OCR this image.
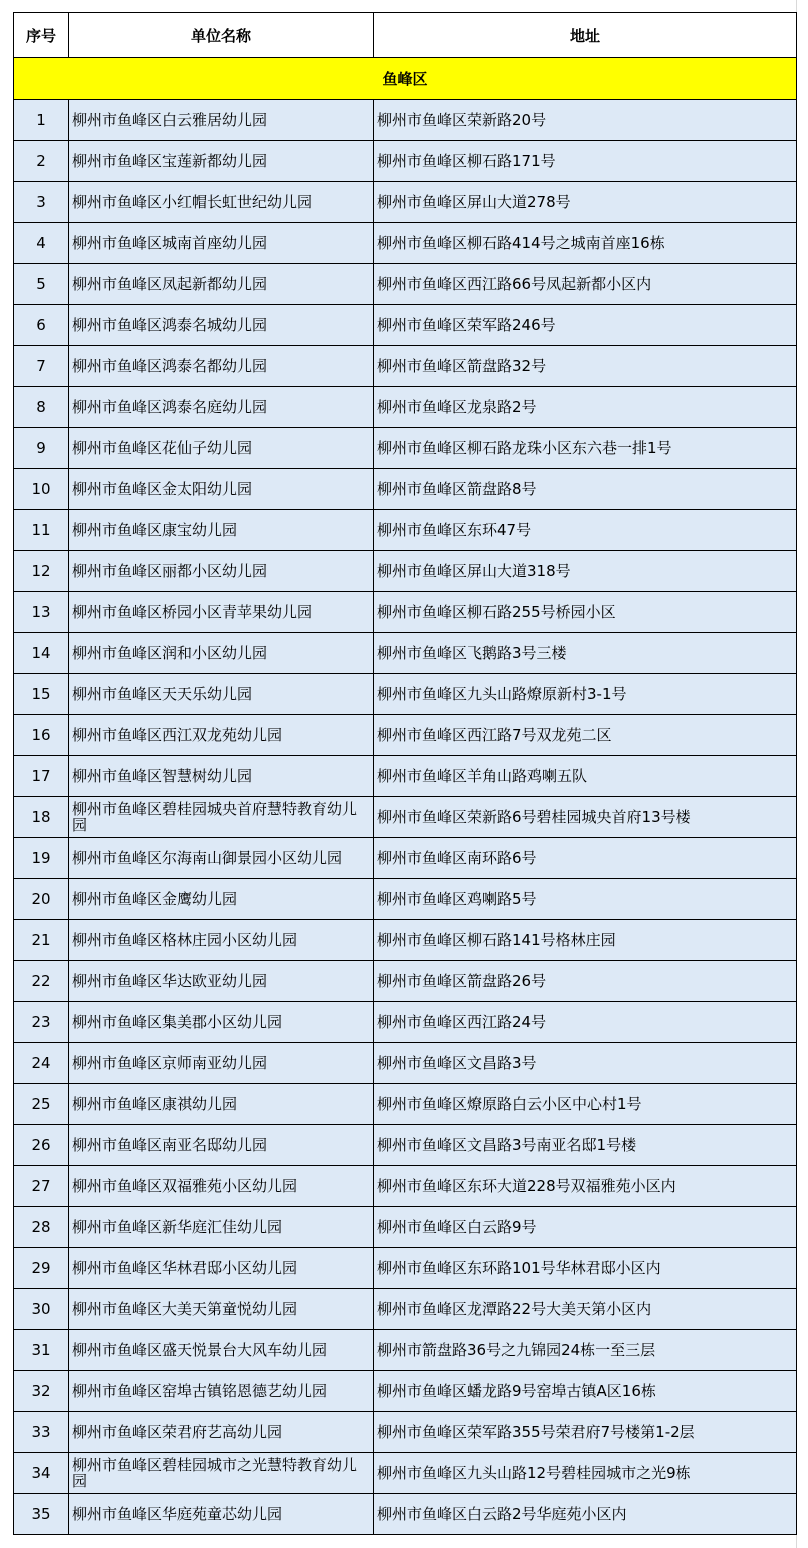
序号	单位名称	地址
鱼峰区		
1	柳州市鱼峰区白云雅居幼儿园	柳州市鱼峰区荣新路20号
2	柳州市鱼峰区宝莲新都幼儿园	柳州市鱼峰区柳石路171号
3	柳州市鱼峰区小红帽长虹世纪幼儿园	柳州市鱼峰区屏山大道278号
4	柳州市鱼峰区城南首座幼儿园	柳州市鱼峰区柳石路414号之城南首座16栋
5	柳州市鱼峰区凤起新都幼儿园	柳州市鱼峰区西江路66号凤起新都小区内
6	柳州市鱼峰区鸿泰名城幼儿园	柳州市鱼峰区荣军路246号
7	柳州市鱼峰区鸿泰名都幼儿园	柳州市鱼峰区箭盘路32号
8	柳州市鱼峰区鸿泰名庭幼儿园	柳州市鱼峰区龙泉路2号
9	柳州市鱼峰区花仙子幼儿园	柳州市鱼峰区柳石路龙珠小区东六巷一排1号
10	柳州市鱼峰区金太阳幼儿园	柳州市鱼峰区箭盘路8号
11	柳州市鱼峰区康宝幼儿园	柳州市鱼峰区东环47号
12	柳州市鱼峰区丽都小区幼儿园	柳州市鱼峰区屏山大道318号
13	柳州市鱼峰区桥园小区青苹果幼儿园	柳州市鱼峰区柳石路255号桥园小区
14	柳州市鱼峰区润和小区幼儿园	柳州市鱼峰区飞鹅路3号三楼
15	柳州市鱼峰区天天乐幼儿园	柳州市鱼峰区九头山路燎原新村3-1号
16	柳州市鱼峰区西江双龙苑幼儿园	柳州市鱼峰区西江路7号双龙苑二区
17	柳州市鱼峰区智慧树幼儿园	柳州市鱼峰区羊角山路鸡喇五队
18	柳州市鱼峰区碧桂园城央首府慧特教育幼儿园	柳州市鱼峰区荣新路6号碧桂园城央首府13号楼
19	柳州市鱼峰区尔海南山御景园小区幼儿园	柳州市鱼峰区南环路6号
20	柳州市鱼峰区金鹰幼儿园	柳州市鱼峰区鸡喇路5号
21	柳州市鱼峰区格林庄园小区幼儿园	柳州市鱼峰区柳石路141号格林庄园
22	柳州市鱼峰区华达欧亚幼儿园	柳州市鱼峰区箭盘路26号
23	柳州市鱼峰区集美郡小区幼儿园	柳州市鱼峰区西江路24号
24	柳州市鱼峰区京师南亚幼儿园	柳州市鱼峰区文昌路3号
25	柳州市鱼峰区康祺幼儿园	柳州市鱼峰区燎原路白云小区中心村1号
26	柳州市鱼峰区南亚名邸幼儿园	柳州市鱼峰区文昌路3号南亚名邸1号楼
27	柳州市鱼峰区双福雅苑小区幼儿园	柳州市鱼峰区东环大道228号双福雅苑小区内
28	柳州市鱼峰区新华庭汇佳幼儿园	柳州市鱼峰区白云路9号
29	柳州市鱼峰区华林君邸小区幼儿园	柳州市鱼峰区东环路101号华林君邸小区内
30	柳州市鱼峰区大美天第童悦幼儿园	柳州市鱼峰区龙潭路22号大美天第小区内
31	柳州市鱼峰区盛天悦景台大风车幼儿园	柳州市箭盘路36号之九锦园24栋一至三层
32	柳州市鱼峰区窑埠古镇铭恩德艺幼儿园	柳州市鱼峰区蟠龙路9号窑埠古镇A区16栋
33	柳州市鱼峰区荣君府艺高幼儿园	柳州市鱼峰区荣军路355号荣君府7号楼第1-2层
34	柳州市鱼峰区碧桂园城市之光慧特教育幼儿园	柳州市鱼峰区九头山路12号碧桂园城市之光9栋
35	柳州市鱼峰区华庭苑童芯幼儿园	柳州市鱼峰区白云路2号华庭苑小区内
